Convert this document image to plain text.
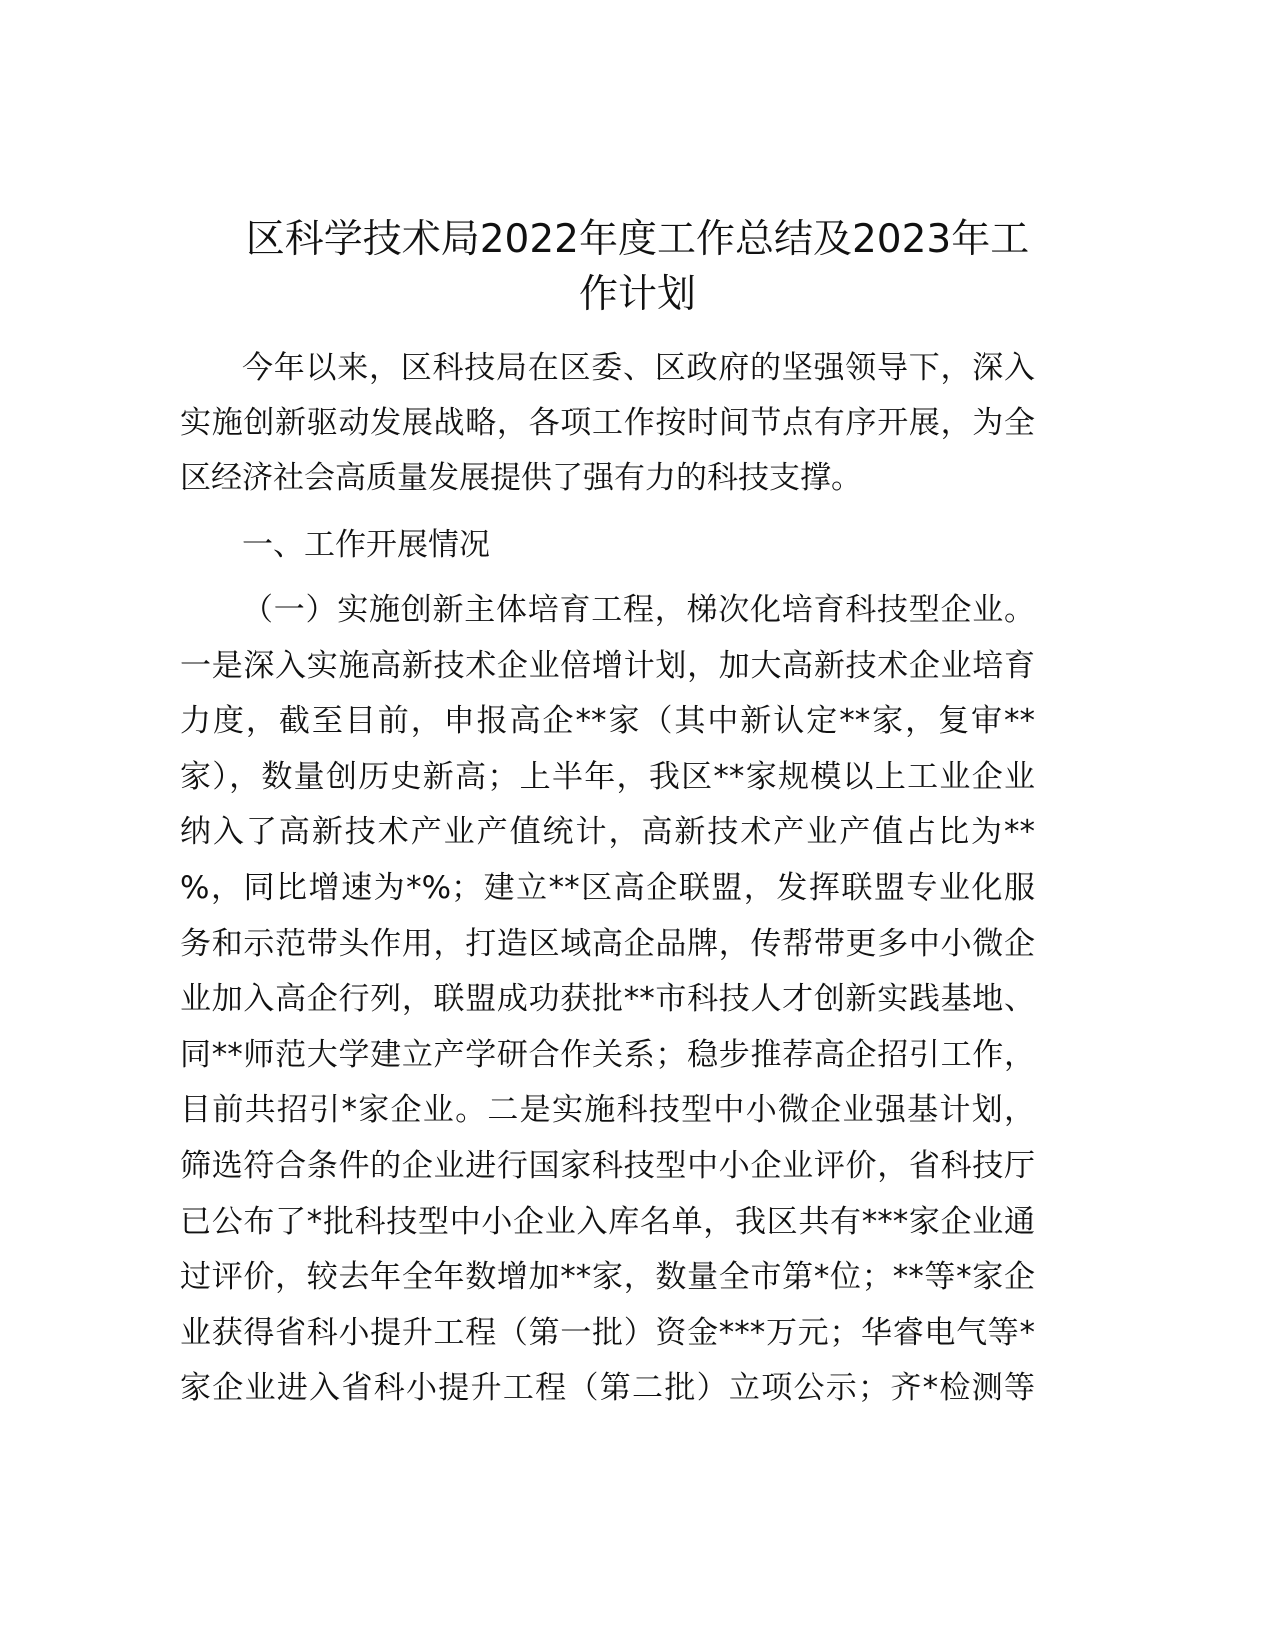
区科学技术局2022年度工作总结及2023年工
作计划
今年以来，区科技局在区委、区政府的坚强领导下，深入
实施创新驱动发展战略，各项工作按时间节点有序开展，为全
区经济社会高质量发展提供了强有力的科技支撑。
一、工作开展情况
（一）实施创新主体培育工程，梯次化培育科技型企业。
一是深入实施高新技术企业倍增计划，加大高新技术企业培育
力度，截至目前，申报高企**家（其中新认定**家，复审**
家），数量创历史新高；上半年，我区**家规模以上工业企业
纳入了高新技术产业产值统计，高新技术产业产值占比为**
%，同比增速为*%；建立**区高企联盟，发挥联盟专业化服
务和示范带头作用，打造区域高企品牌，传帮带更多中小微企
业加入高企行列，联盟成功获批**市科技人才创新实践基地、
同**师范大学建立产学研合作关系；稳步推荐高企招引工作，
目前共招引*家企业。二是实施科技型中小微企业强基计划，
筛选符合条件的企业进行国家科技型中小企业评价，省科技厅
已公布了*批科技型中小企业入库名单，我区共有***家企业通
过评价，较去年全年数增加**家，数量全市第*位；**等*家企
业获得省科小提升工程（第一批）资金***万元；华睿电气等*
家企业进入省科小提升工程（第二批）立项公示；齐*检测等
